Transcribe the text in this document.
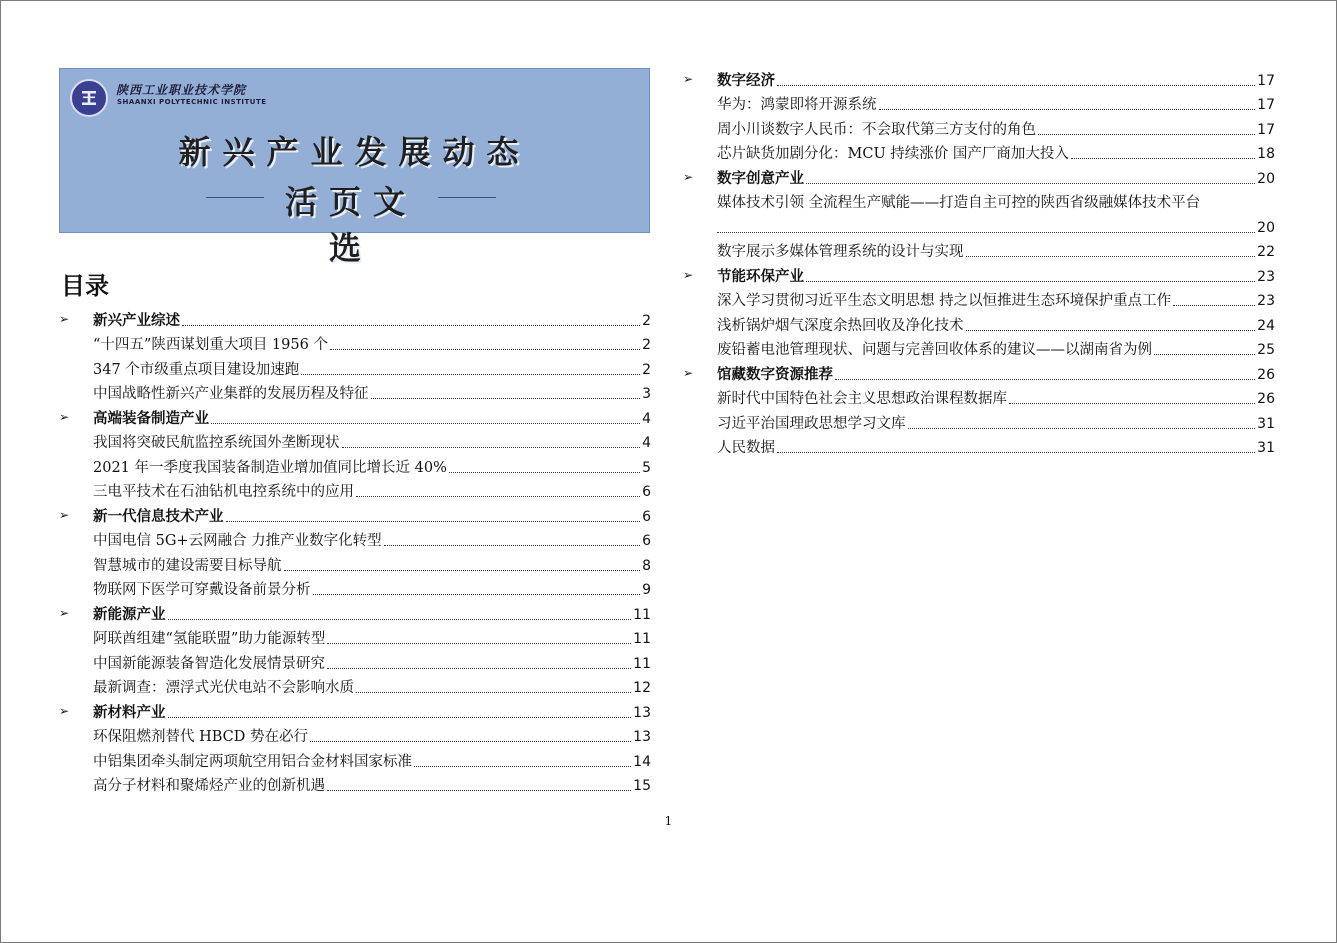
陕西工业职业技术学院
SHAANXI POLYTECHNIC INSTITUTE
新兴产业发展动态
活页文选
目录
➢ 新兴产业综述	2
“十四五”陕西谋划重大项目 1956 个	2
347 个市级重点项目建设加速跑	2
中国战略性新兴产业集群的发展历程及特征	3
➢ 高端装备制造产业	4
我国将突破民航监控系统国外垄断现状	4
2021 年一季度我国装备制造业增加值同比增长近 40%	5
三电平技术在石油钻机电控系统中的应用	6
➢ 新一代信息技术产业	6
中国电信 5G+云网融合 力推产业数字化转型	6
智慧城市的建设需要目标导航	8
物联网下医学可穿戴设备前景分析	9
➢ 新能源产业	11
阿联酋组建“氢能联盟”助力能源转型	11
中国新能源装备智造化发展情景研究	11
最新调查：漂浮式光伏电站不会影响水质	12
➢ 新材料产业	13
环保阻燃剂替代 HBCD 势在必行	13
中铝集团牵头制定两项航空用铝合金材料国家标准	14
高分子材料和聚烯烃产业的创新机遇	15
➢ 数字经济	17
华为：鸿蒙即将开源系统	17
周小川谈数字人民币：不会取代第三方支付的角色	17
芯片缺货加剧分化：MCU 持续涨价 国产厂商加大投入	18
➢ 数字创意产业	20
媒体技术引领 全流程生产赋能——打造自主可控的陕西省级融媒体技术平台
20
数字展示多媒体管理系统的设计与实现	22
➢ 节能环保产业	23
深入学习贯彻习近平生态文明思想 持之以恒推进生态环境保护重点工作	23
浅析锅炉烟气深度余热回收及净化技术	24
废铅蓄电池管理现状、问题与完善回收体系的建议——以湖南省为例	25
➢ 馆藏数字资源推荐	26
新时代中国特色社会主义思想政治课程数据库	26
习近平治国理政思想学习文库	31
人民数据	31
1
